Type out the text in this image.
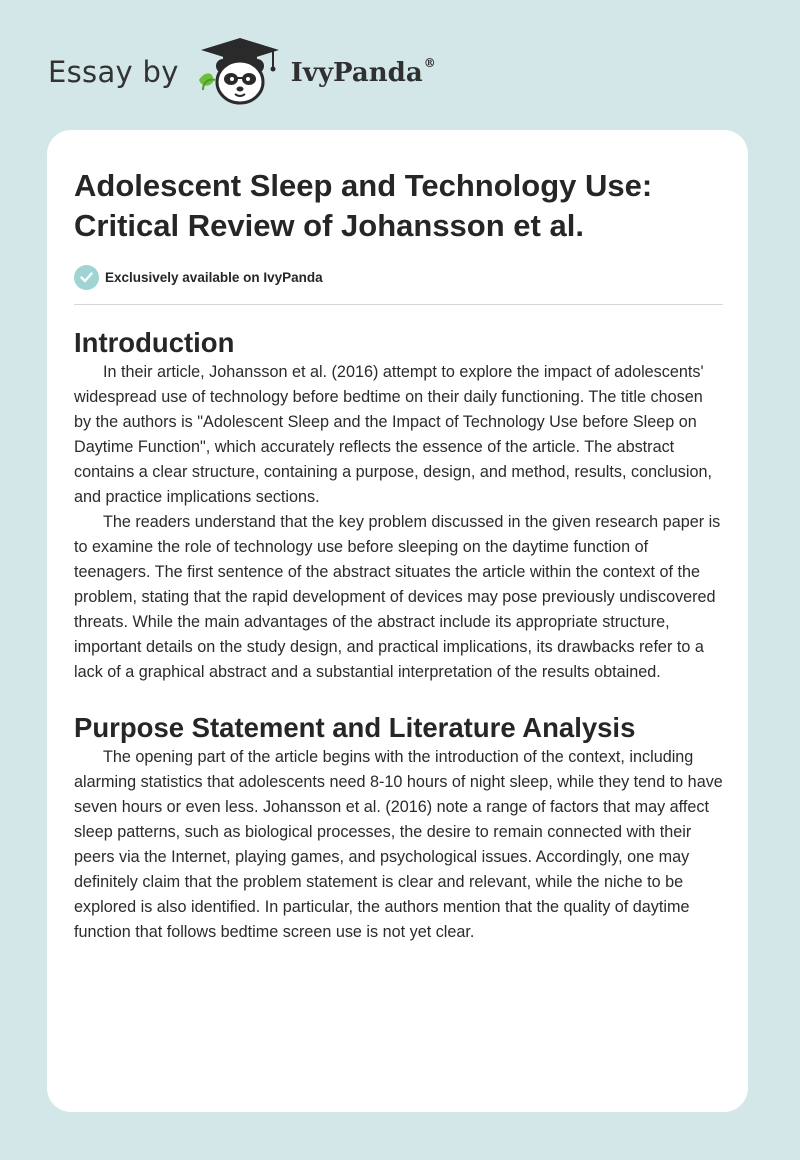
Essay by	IvyPanda®
Adolescent Sleep and Technology Use:
Critical Review of Johansson et al.
Exclusively available on IvyPanda
Introduction

In their article, Johansson et al. (2016) attempt to explore the impact of adolescents' widespread use of technology before bedtime on their daily functioning. The title chosen by the authors is "Adolescent Sleep and the Impact of Technology Use before Sleep on Daytime Function", which accurately reflects the essence of the article. The abstract contains a clear structure, containing a purpose, design, and method, results, conclusion, and practice implications sections.

The readers understand that the key problem discussed in the given research paper is to examine the role of technology use before sleeping on the daytime function of teenagers. The first sentence of the abstract situates the article within the context of the problem, stating that the rapid development of devices may pose previously undiscovered threats. While the main advantages of the abstract include its appropriate structure, important details on the study design, and practical implications, its drawbacks refer to a lack of a graphical abstract and a substantial interpretation of the results obtained.

Purpose Statement and Literature Analysis

The opening part of the article begins with the introduction of the context, including alarming statistics that adolescents need 8-10 hours of night sleep, while they tend to have seven hours or even less. Johansson et al. (2016) note a range of factors that may affect sleep patterns, such as biological processes, the desire to remain connected with their peers via the Internet, playing games, and psychological issues. Accordingly, one may definitely claim that the problem statement is clear and relevant, while the niche to be explored is also identified. In particular, the authors mention that the quality of daytime function that follows bedtime screen use is not yet clear.
